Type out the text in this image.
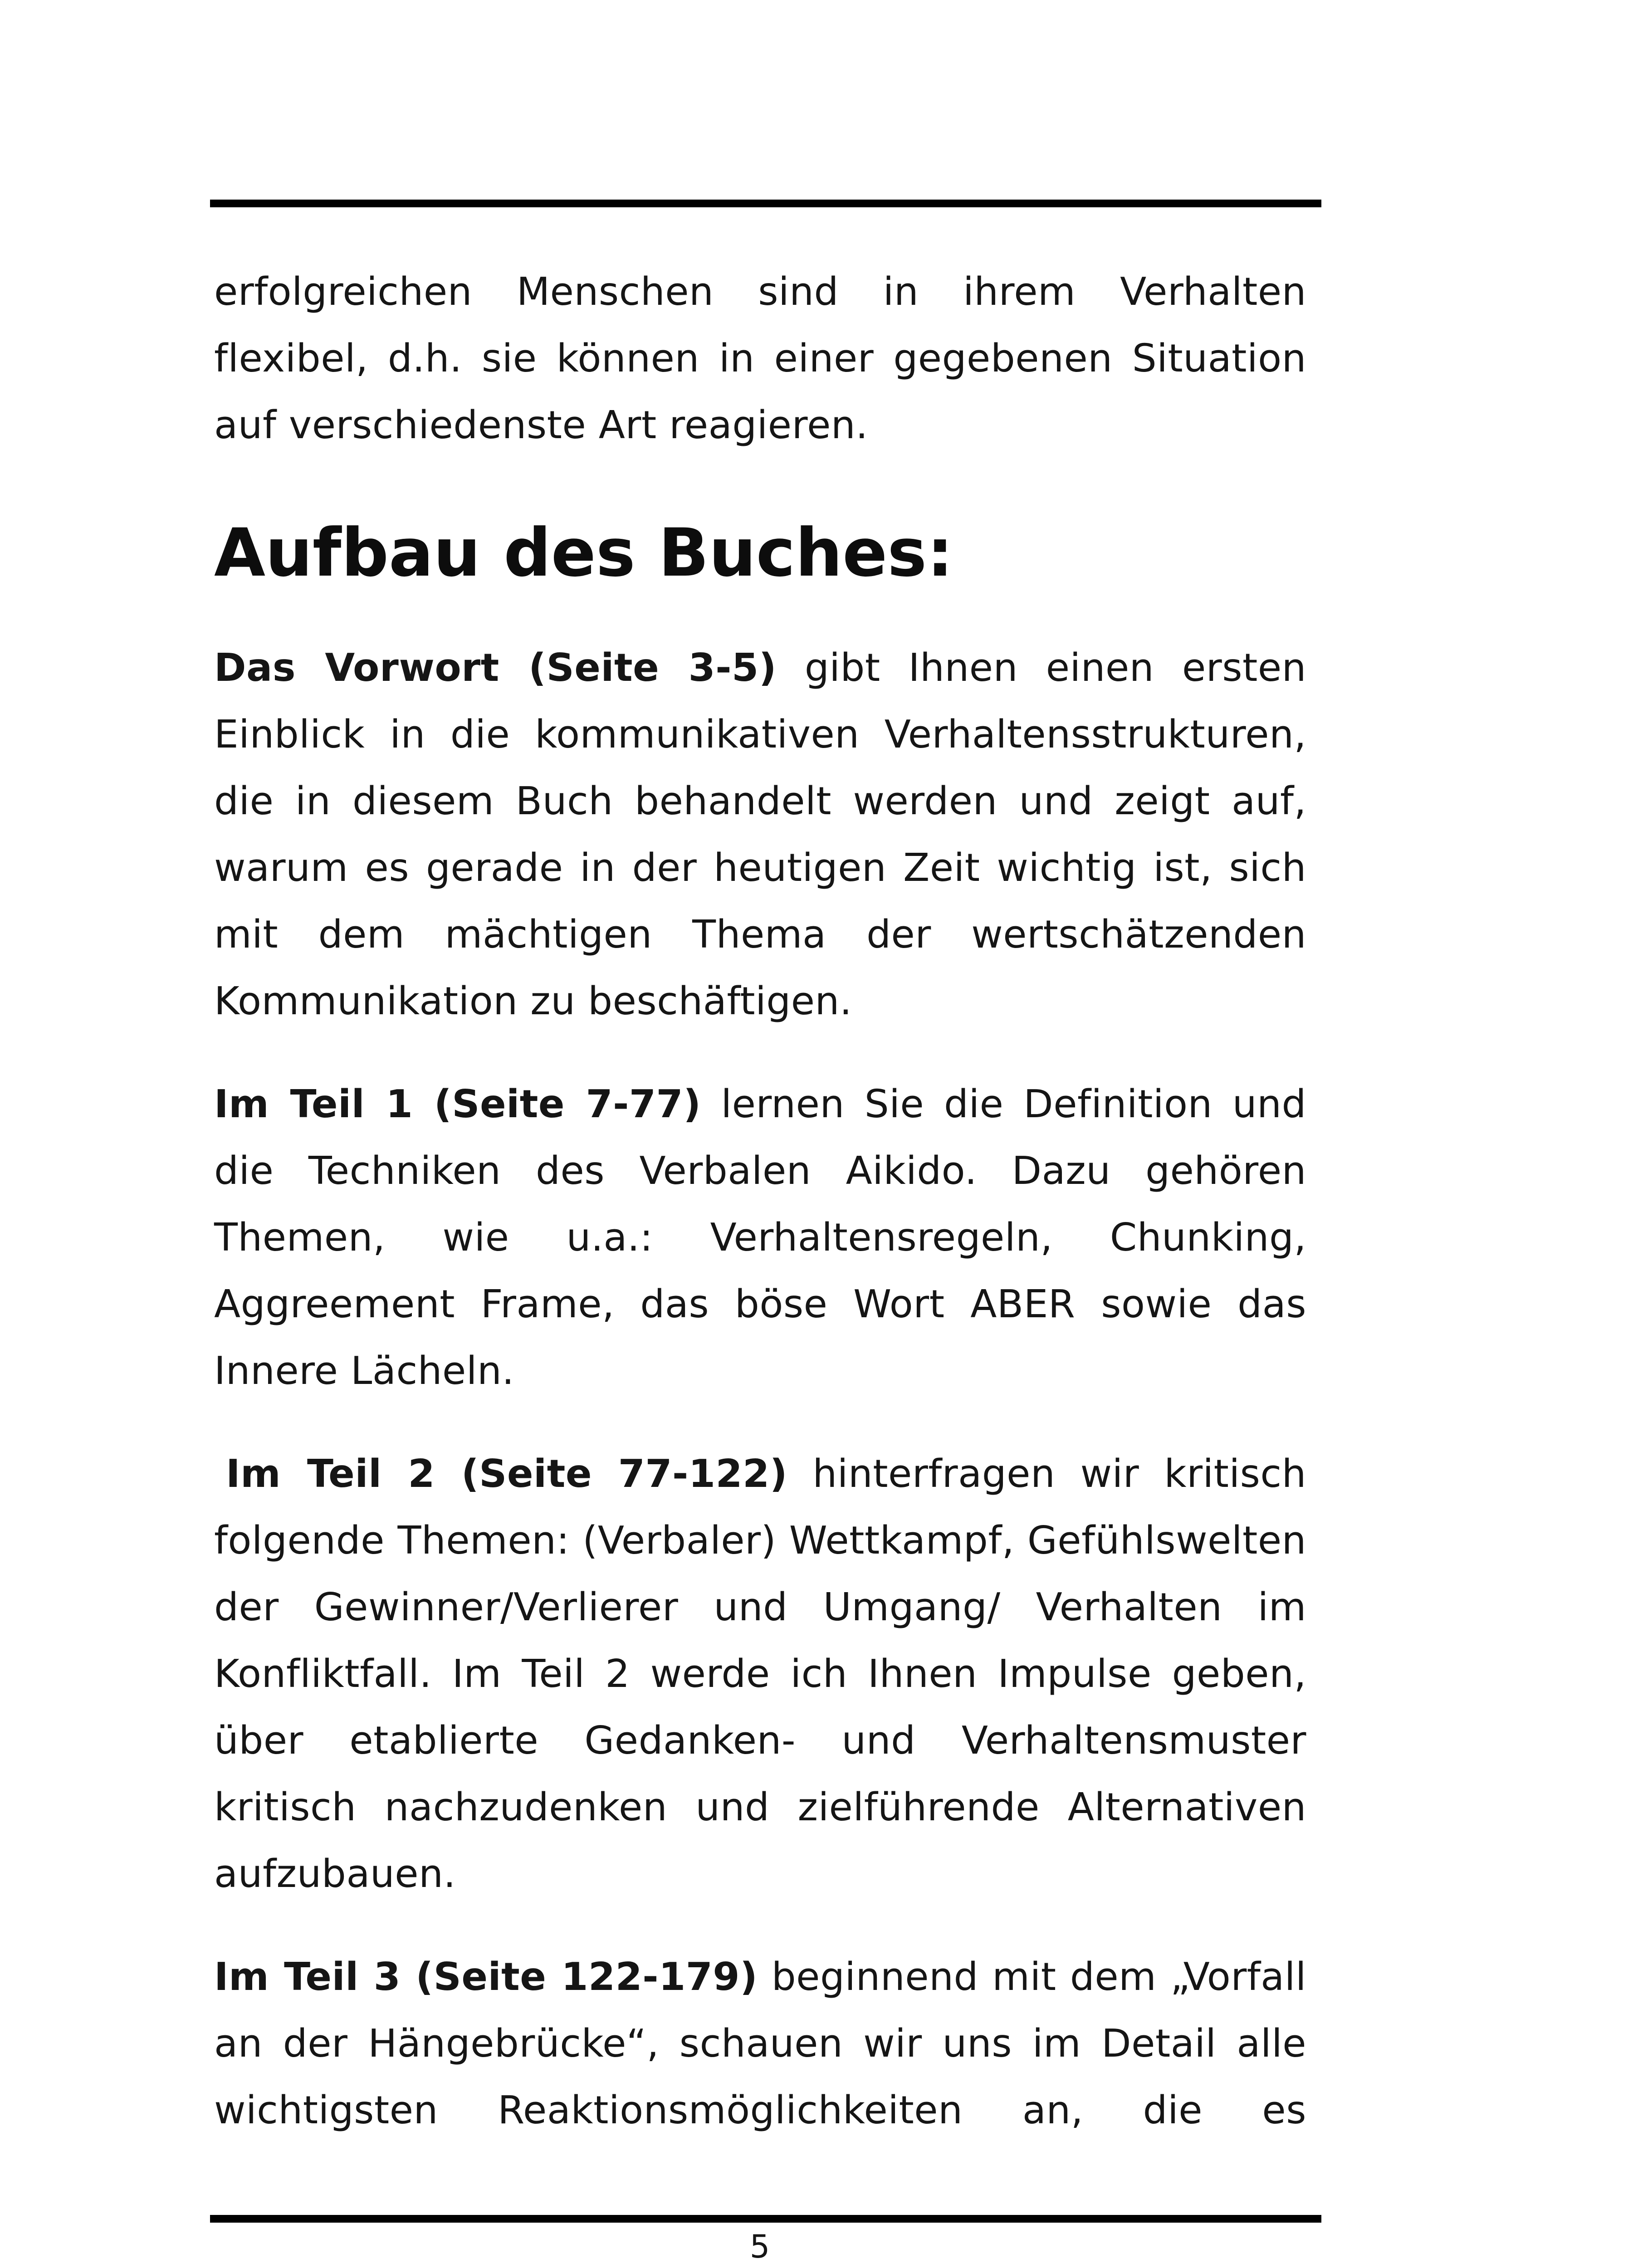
erfolgreichen Menschen sind in ihrem Verhalten flexibel, d.h. sie können in einer gegebenen Situation auf verschiedenste Art reagieren.

Aufbau des Buches:

Das Vorwort (Seite 3-5) gibt Ihnen einen ersten Einblick in die kommunikativen Verhaltensstrukturen, die in diesem Buch behandelt werden und zeigt auf, warum es gerade in der heutigen Zeit wichtig ist, sich mit dem mächtigen Thema der wertschätzenden Kommunikation zu beschäftigen.

Im Teil 1 (Seite 7-77) lernen Sie die Definition und die Techniken des Verbalen Aikido. Dazu gehören Themen, wie u.a.: Verhaltensregeln, Chunking, Aggreement Frame, das böse Wort ABER sowie das Innere Lächeln.

Im Teil 2 (Seite 77-122) hinterfragen wir kritisch folgende Themen: (Verbaler) Wettkampf, Gefühlswelten der Gewinner/Verlierer und Umgang/ Verhalten im Konfliktfall. Im Teil 2 werde ich Ihnen Impulse geben, über etablierte Gedanken- und Verhaltensmuster kritisch nachzudenken und zielführende Alternativen aufzubauen.

Im Teil 3 (Seite 122-179) beginnend mit dem „Vorfall an der Hängebrücke“, schauen wir uns im Detail alle wichtigsten Reaktionsmöglichkeiten an, die es

5
